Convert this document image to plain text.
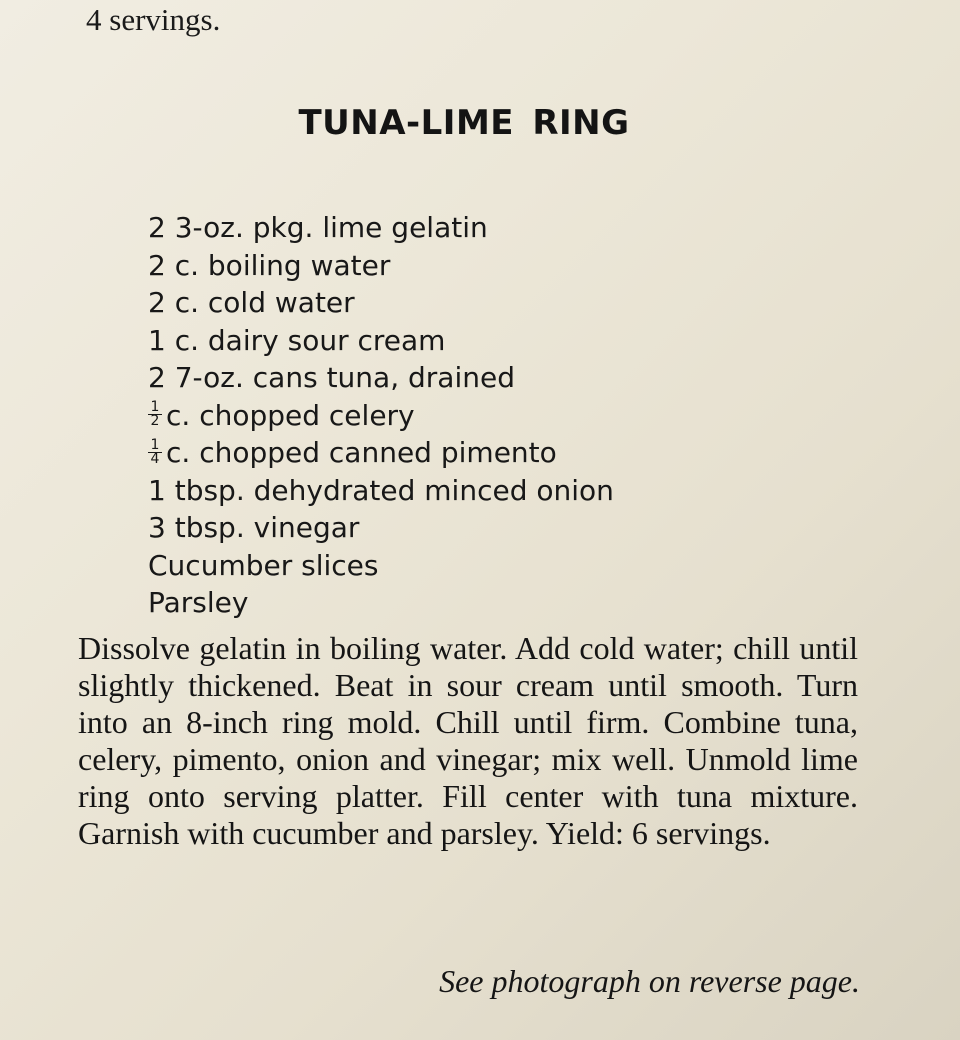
4 servings.
TUNA-LIME RING
2 3-oz. pkg. lime gelatin
2 c. boiling water
2 c. cold water
1 c. dairy sour cream
2 7-oz. cans tuna, drained
$\frac{1}{2} c$. chopped celery
$\frac{1}{4} c$. chopped canned pimento
1 tbsp. dehydrated minced onion
3 tbsp. vinegar
Cucumber slices
Parsley

Dissolve gelatin in boiling water. Add cold water; chill until slightly thickened. Beat in sour cream until smooth. Turn into an 8-inch ring mold. Chill until firm. Combine tuna, celery, pimento, onion and vinegar; mix well. Unmold lime ring onto serving platter. Fill center with tuna mixture. Garnish with cucumber and parsley. Yield: 6 servings.

See photograph on reverse page.
